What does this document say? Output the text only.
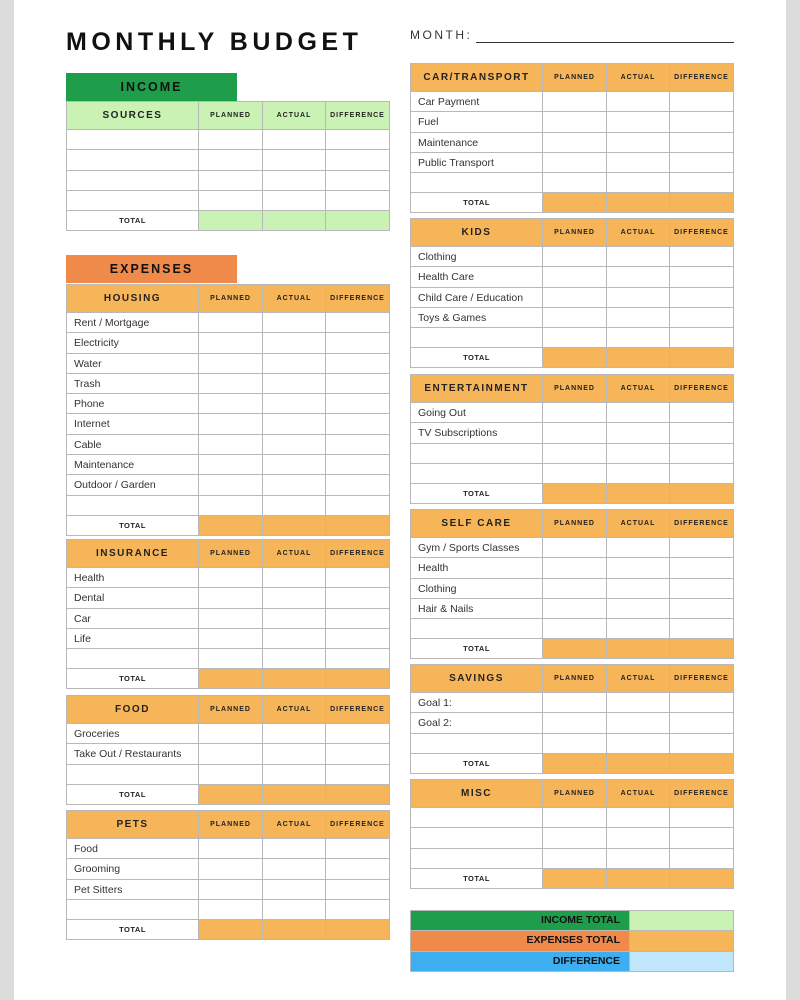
MONTHLY BUDGET	MONTH:
INCOME
EXPENSES
SOURCES	PLANNED	ACTUAL	DIFFERENCE
TOTAL
HOUSING	PLANNED	ACTUAL	DIFFERENCE
Rent / Mortgage
Electricity
Water
Trash
Phone
Internet
Cable
Maintenance
Outdoor / Garden
TOTAL
INSURANCE	PLANNED	ACTUAL	DIFFERENCE
Health
Dental
Car
Life
TOTAL
FOOD	PLANNED	ACTUAL	DIFFERENCE
Groceries
Take Out / Restaurants
TOTAL
PETS	PLANNED	ACTUAL	DIFFERENCE
Food
Grooming
Pet Sitters
TOTAL
CAR/TRANSPORT	PLANNED	ACTUAL	DIFFERENCE
Car Payment
Fuel
Maintenance
Public Transport
TOTAL
KIDS	PLANNED	ACTUAL	DIFFERENCE
Clothing
Health Care
Child Care / Education
Toys & Games
TOTAL
ENTERTAINMENT	PLANNED	ACTUAL	DIFFERENCE
Going Out
TV Subscriptions
TOTAL
SELF CARE	PLANNED	ACTUAL	DIFFERENCE
Gym / Sports Classes
Health
Clothing
Hair & Nails
TOTAL
SAVINGS	PLANNED	ACTUAL	DIFFERENCE
Goal 1:
Goal 2:
TOTAL
MISC	PLANNED	ACTUAL	DIFFERENCE
TOTAL
INCOME TOTAL
EXPENSES TOTAL
DIFFERENCE
